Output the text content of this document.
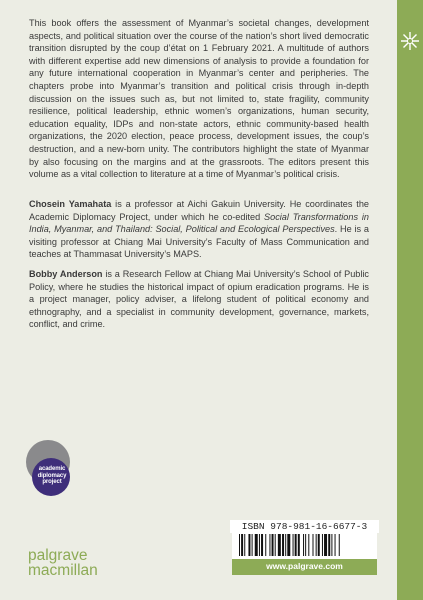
This book offers the assessment of Myanmar’s societal changes, development aspects, and political situation over the course of the nation’s short lived democratic transition disrupted by the coup d’état on 1 February 2021. A multitude of authors with different expertise add new dimensions of analysis to provide a foundation for any future international cooperation in Myanmar’s center and peripheries. The chapters probe into Myanmar’s transition and political crisis through in-depth discussion on the issues such as, but not limited to, state fragility, community resilience, political leadership, ethnic women’s organizations, human security, education equality, IDPs and non-state actors, ethnic community-based health organizations, the 2020 election, peace process, development issues, the coup’s destruction, and a new-born unity. The contributors highlight the state of Myanmar by also focusing on the margins and at the grassroots. The editors present this volume as a vital collection to literature at a time of Myanmar’s political crisis.
Chosein Yamahata is a professor at Aichi Gakuin University. He coordinates the Academic Diplomacy Project, under which he co-edited Social Transformations in India, Myanmar, and Thailand: Social, Political and Ecological Perspectives. He is a visiting professor at Chiang Mai University’s Faculty of Mass Communication and teaches at Thammasat University’s MAPS.
Bobby Anderson is a Research Fellow at Chiang Mai University’s School of Public Policy, where he studies the historical impact of opium eradication programs. He is a project manager, policy adviser, a lifelong student of political economy and ethnography, and a specialist in community development, governance, markets, conflict, and crime.
academic
diplomacy
project
palgrave
macmillan
ISBN 978-981-16-6677-3
www.palgrave.com
